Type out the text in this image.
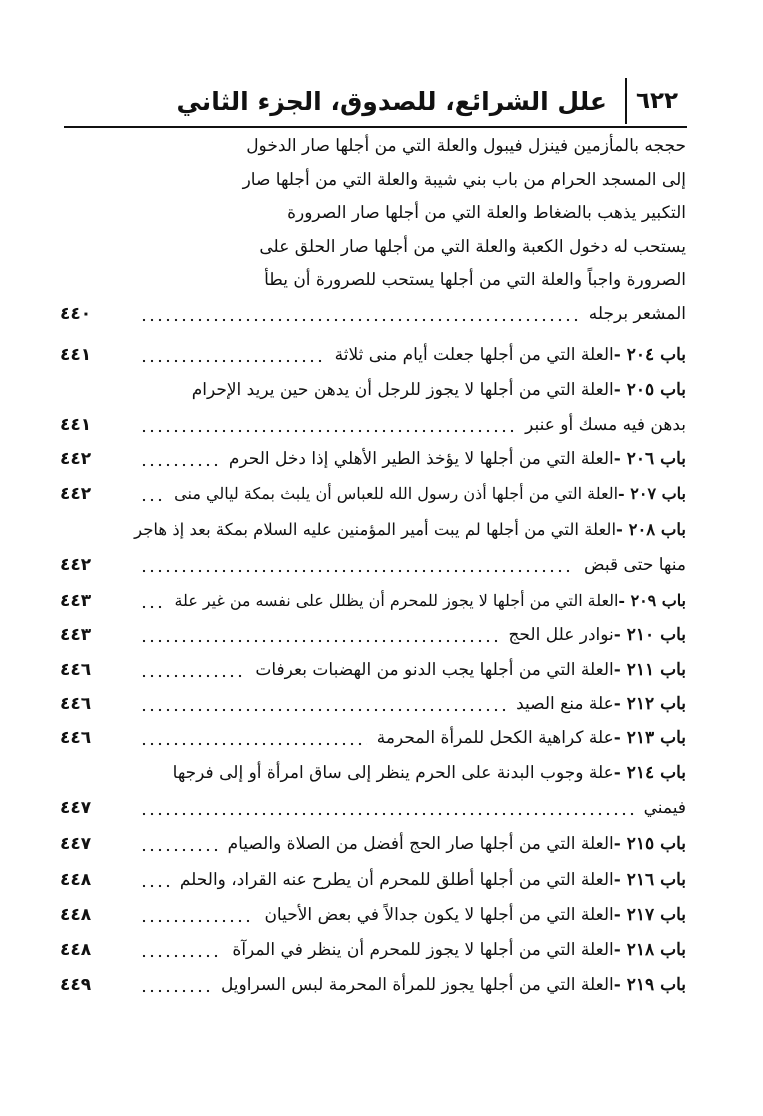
٦٢٢
علل الشرائع، للصدوق، الجزء الثاني
حججه بالمأزمين فينزل فيبول والعلة التي من أجلها صار الدخول
إلى المسجد الحرام من باب بني شيبة والعلة التي من أجلها صار
التكبير يذهب بالضغاط والعلة التي من أجلها صار الصرورة
يستحب له دخول الكعبة والعلة التي من أجلها صار الحلق على
الصرورة واجباً والعلة التي من أجلها يستحب للصرورة أن يطأ
المشعر برجله
٤٤٠
باب ٢٠٤ -
العلة التي من أجلها جعلت أيام منى ثلاثة
٤٤١
باب ٢٠٥ -
العلة التي من أجلها لا يجوز للرجل أن يدهن حين يريد الإحرام
بدهن فيه مسك أو عنبر
٤٤١
باب ٢٠٦ -
العلة التي من أجلها لا يؤخذ الطير الأهلي إذا دخل الحرم
٤٤٢
باب ٢٠٧ -
العلة التي من أجلها أذن رسول الله للعباس أن يلبث بمكة ليالي منى
٤٤٢
باب ٢٠٨ -
العلة التي من أجلها لم يبت أمير المؤمنين عليه السلام بمكة بعد إذ هاجر
منها حتى قبض
٤٤٢
باب ٢٠٩ -
العلة التي من أجلها لا يجوز للمحرم أن يظلل على نفسه من غير علة
٤٤٣
باب ٢١٠ -
نوادر علل الحج
٤٤٣
باب ٢١١ -
العلة التي من أجلها يجب الدنو من الهضبات بعرفات
٤٤٦
باب ٢١٢ -
علة منع الصيد
٤٤٦
باب ٢١٣ -
علة كراهية الكحل للمرأة المحرمة
٤٤٦
باب ٢١٤ -
علة وجوب البدنة على الحرم ينظر إلى ساق امرأة أو إلى فرجها
فيمني
٤٤٧
باب ٢١٥ -
العلة التي من أجلها صار الحج أفضل من الصلاة والصيام
٤٤٧
باب ٢١٦ -
العلة التي من أجلها أطلق للمحرم أن يطرح عنه القراد، والحلم
٤٤٨
باب ٢١٧ -
العلة التي من أجلها لا يكون جدالاً في بعض الأحيان
٤٤٨
باب ٢١٨ -
العلة التي من أجلها لا يجوز للمحرم أن ينظر في المرآة
٤٤٨
باب ٢١٩ -
العلة التي من أجلها يجوز للمرأة المحرمة لبس السراويل
٤٤٩
